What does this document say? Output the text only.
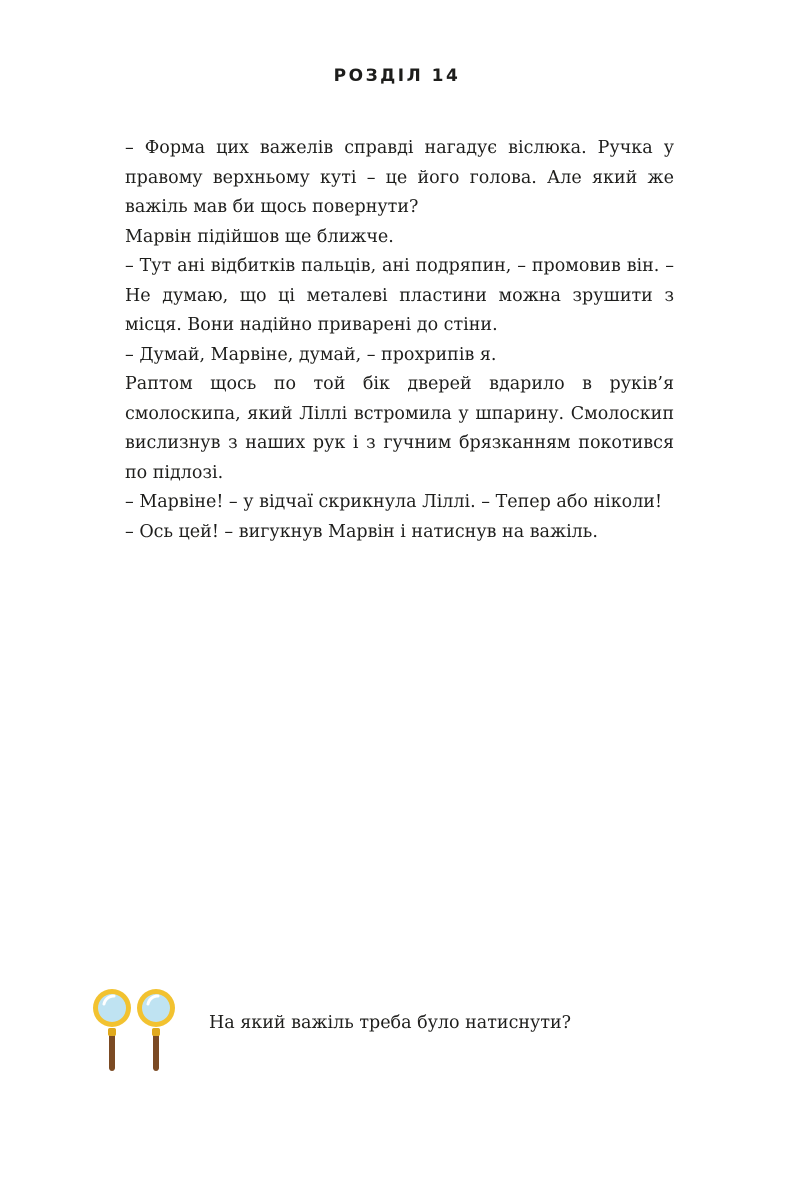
РОЗДІЛ 14

– Форма цих важелів справді нагадує віслюка. Ручка у правому верхньому куті – це його голова. Але який же важіль мав би щось повернути?

Марвін підійшов ще ближче.

– Тут ані відбитків пальців, ані подряпин, – промовив він. – Не думаю, що ці металеві пластини можна зрушити з місця. Вони надійно приварені до стіни.

– Думай, Марвіне, думай, – прохрипів я.

Раптом щось по той бік дверей вдарило в руків’я смолоскипа, який Ліллі встромила у шпарину. Смолоскип вислизнув з наших рук і з гучним брязканням покотився по підлозі.

– Марвіне! – у відчаї скрикнула Ліллі. – Тепер або ніколи!

– Ось цей! – вигукнув Марвін і натиснув на важіль.

На який важіль треба було натиснути?
